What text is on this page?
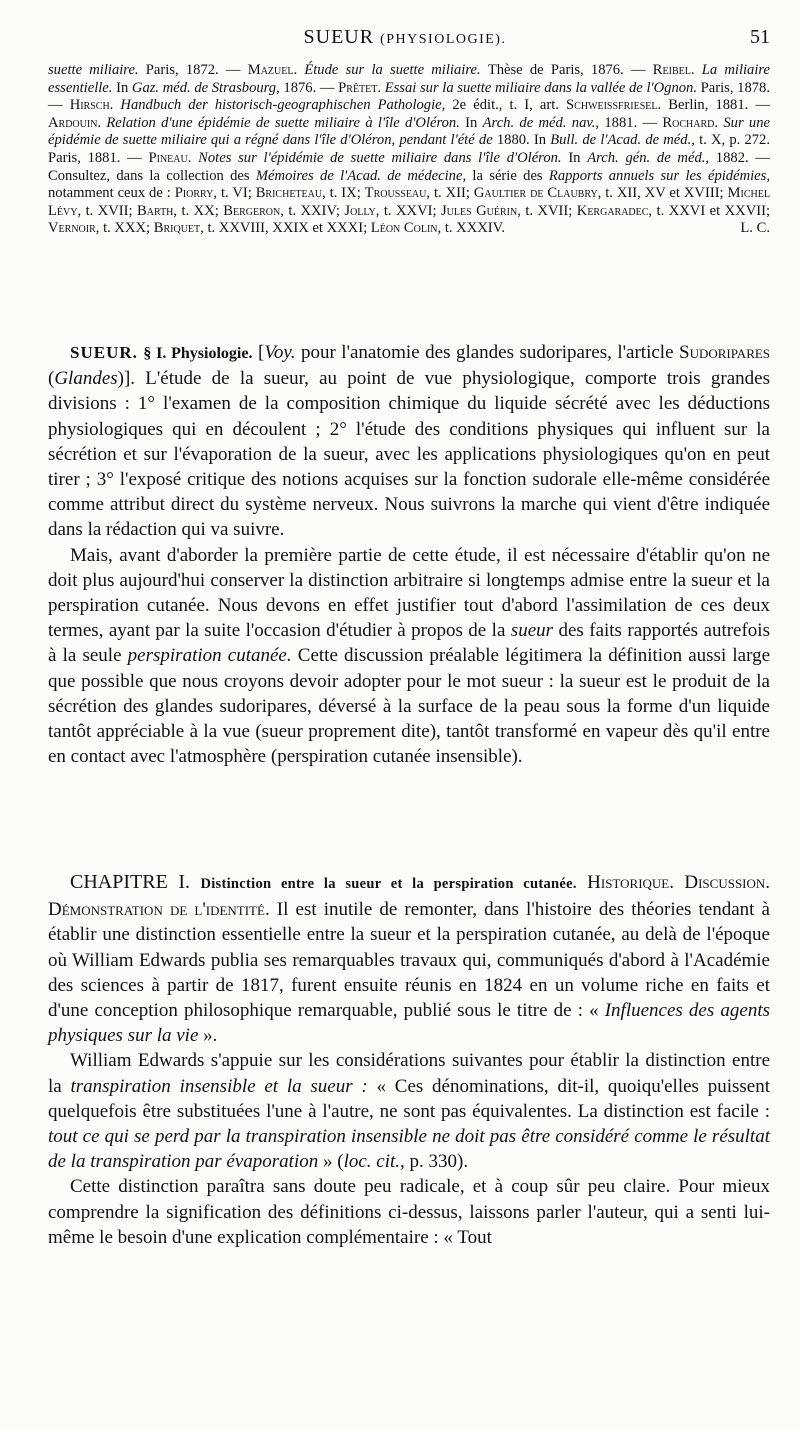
SUEUR (PHYSIOLOGIE).	51

suette miliaire. Paris, 1872. — Mazuel. Étude sur la suette miliaire. Thèse de Paris, 1876. — Reibel. La miliaire essentielle. In Gaz. méd. de Strasbourg, 1876. — Prêtet. Essai sur la suette miliaire dans la vallée de l'Ognon. Paris, 1878. — Hirsch. Handbuch der historisch-geographischen Pathologie, 2e édit., t. I, art. Schweissfriesel. Berlin, 1881. — Ardouin. Relation d'une épidémie de suette miliaire à l'île d'Oléron. In Arch. de méd. nav., 1881. — Rochard. Sur une épidémie de suette miliaire qui a régné dans l'île d'Oléron, pendant l'été de 1880. In Bull. de l'Acad. de méd., t. X, p. 272. Paris, 1881. — Pineau. Notes sur l'épidémie de suette miliaire dans l'île d'Oléron. In Arch. gén. de méd., 1882. — Consultez, dans la collection des Mémoires de l'Acad. de médecine, la série des Rapports annuels sur les épidémies, notamment ceux de : Piorry, t. VI; Bricheteau, t. IX; Trousseau, t. XII; Gaultier de Claubry, t. XII, XV et XVIII; Michel Lévy, t. XVII; Barth, t. XX; Bergeron, t. XXIV; Jolly, t. XXVI; Jules Guérin, t. XVII; Kergaradec, t. XXVI et XXVII; Vernoir, t. XXX; Briquet, t. XXVIII, XXIX et XXXI; Léon Colin, t. XXXIV.	L. C.

SUEUR. § I. Physiologie. [Voy. pour l'anatomie des glandes sudoripares, l'article Sudoripares (Glandes)]. L'étude de la sueur, au point de vue physiologique, comporte trois grandes divisions : 1° l'examen de la composition chimique du liquide sécrété avec les déductions physiologiques qui en découlent ; 2° l'étude des conditions physiques qui influent sur la sécrétion et sur l'évaporation de la sueur, avec les applications physiologiques qu'on en peut tirer ; 3° l'exposé critique des notions acquises sur la fonction sudorale elle-même considérée comme attribut direct du système nerveux. Nous suivrons la marche qui vient d'être indiquée dans la rédaction qui va suivre.

Mais, avant d'aborder la première partie de cette étude, il est nécessaire d'établir qu'on ne doit plus aujourd'hui conserver la distinction arbitraire si longtemps admise entre la sueur et la perspiration cutanée. Nous devons en effet justifier tout d'abord l'assimilation de ces deux termes, ayant par la suite l'occasion d'étudier à propos de la sueur des faits rapportés autrefois à la seule perspiration cutanée. Cette discussion préalable légitimera la définition aussi large que possible que nous croyons devoir adopter pour le mot sueur : la sueur est le produit de la sécrétion des glandes sudoripares, déversé à la surface de la peau sous la forme d'un liquide tantôt appréciable à la vue (sueur proprement dite), tantôt transformé en vapeur dès qu'il entre en contact avec l'atmosphère (perspiration cutanée insensible).

CHAPITRE I. Distinction entre la sueur et la perspiration cutanée. Historique. Discussion. Démonstration de l'identité. Il est inutile de remonter, dans l'histoire des théories tendant à établir une distinction essentielle entre la sueur et la perspiration cutanée, au delà de l'époque où William Edwards publia ses remarquables travaux qui, communiqués d'abord à l'Académie des sciences à partir de 1817, furent ensuite réunis en 1824 en un volume riche en faits et d'une conception philosophique remarquable, publié sous le titre de : « Influences des agents physiques sur la vie ».

William Edwards s'appuie sur les considérations suivantes pour établir la distinction entre la transpiration insensible et la sueur : « Ces dénominations, dit-il, quoiqu'elles puissent quelquefois être substituées l'une à l'autre, ne sont pas équivalentes. La distinction est facile : tout ce qui se perd par la transpiration insensible ne doit pas être considéré comme le résultat de la transpiration par évaporation » (loc. cit., p. 330).

Cette distinction paraîtra sans doute peu radicale, et à coup sûr peu claire. Pour mieux comprendre la signification des définitions ci-dessus, laissons parler l'auteur, qui a senti lui-même le besoin d'une explication complémentaire : « Tout
